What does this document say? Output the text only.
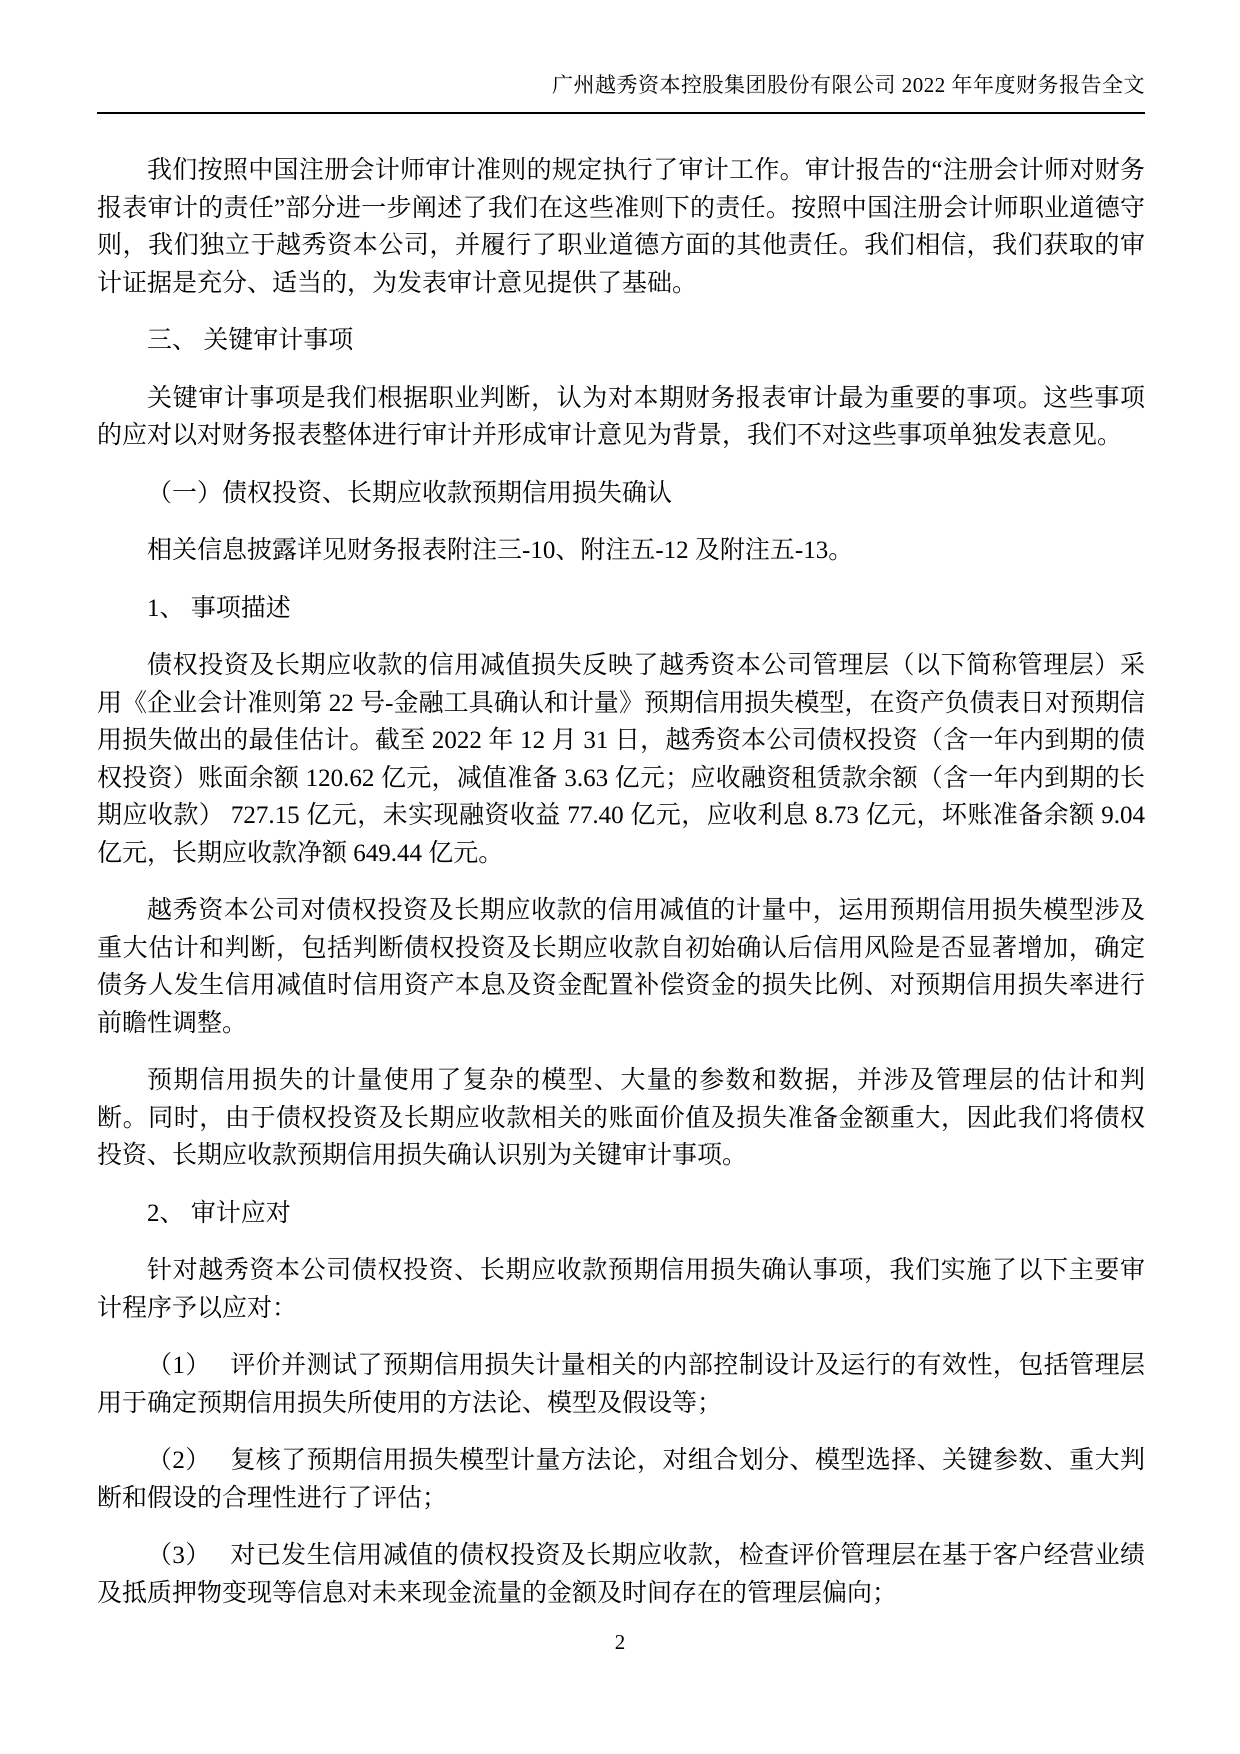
广州越秀资本控股集团股份有限公司 2022 年年度财务报告全文

我们按照中国注册会计师审计准则的规定执行了审计工作。审计报告的“注册会计师对财务报表审计的责任”部分进一步阐述了我们在这些准则下的责任。按照中国注册会计师职业道德守则，我们独立于越秀资本公司，并履行了职业道德方面的其他责任。我们相信，我们获取的审计证据是充分、适当的，为发表审计意见提供了基础。

三、 关键审计事项

关键审计事项是我们根据职业判断，认为对本期财务报表审计最为重要的事项。这些事项的应对以对财务报表整体进行审计并形成审计意见为背景，我们不对这些事项单独发表意见。

（一）债权投资、长期应收款预期信用损失确认

相关信息披露详见财务报表附注三-10、附注五-12 及附注五-13。

1、 事项描述

债权投资及长期应收款的信用减值损失反映了越秀资本公司管理层（以下简称管理层）采用《企业会计准则第 22 号-金融工具确认和计量》预期信用损失模型，在资产负债表日对预期信用损失做出的最佳估计。截至 2022 年 12 月 31 日，越秀资本公司债权投资（含一年内到期的债权投资）账面余额 120.62 亿元，减值准备 3.63 亿元；应收融资租赁款余额（含一年内到期的长期应收款） 727.15 亿元，未实现融资收益 77.40 亿元，应收利息 8.73 亿元，坏账准备余额 9.04 亿元，长期应收款净额 649.44 亿元。

越秀资本公司对债权投资及长期应收款的信用减值的计量中，运用预期信用损失模型涉及重大估计和判断，包括判断债权投资及长期应收款自初始确认后信用风险是否显著增加，确定债务人发生信用减值时信用资产本息及资金配置补偿资金的损失比例、对预期信用损失率进行前瞻性调整。

预期信用损失的计量使用了复杂的模型、大量的参数和数据，并涉及管理层的估计和判断。同时，由于债权投资及长期应收款相关的账面价值及损失准备金额重大，因此我们将债权投资、长期应收款预期信用损失确认识别为关键审计事项。

2、 审计应对

针对越秀资本公司债权投资、长期应收款预期信用损失确认事项，我们实施了以下主要审计程序予以应对：

（1）　 评价并测试了预期信用损失计量相关的内部控制设计及运行的有效性，包括管理层用于确定预期信用损失所使用的方法论、模型及假设等；

（2）　 复核了预期信用损失模型计量方法论，对组合划分、模型选择、关键参数、重大判断和假设的合理性进行了评估；

（3）　 对已发生信用减值的债权投资及长期应收款，检查评价管理层在基于客户经营业绩及抵质押物变现等信息对未来现金流量的金额及时间存在的管理层偏向；

2
